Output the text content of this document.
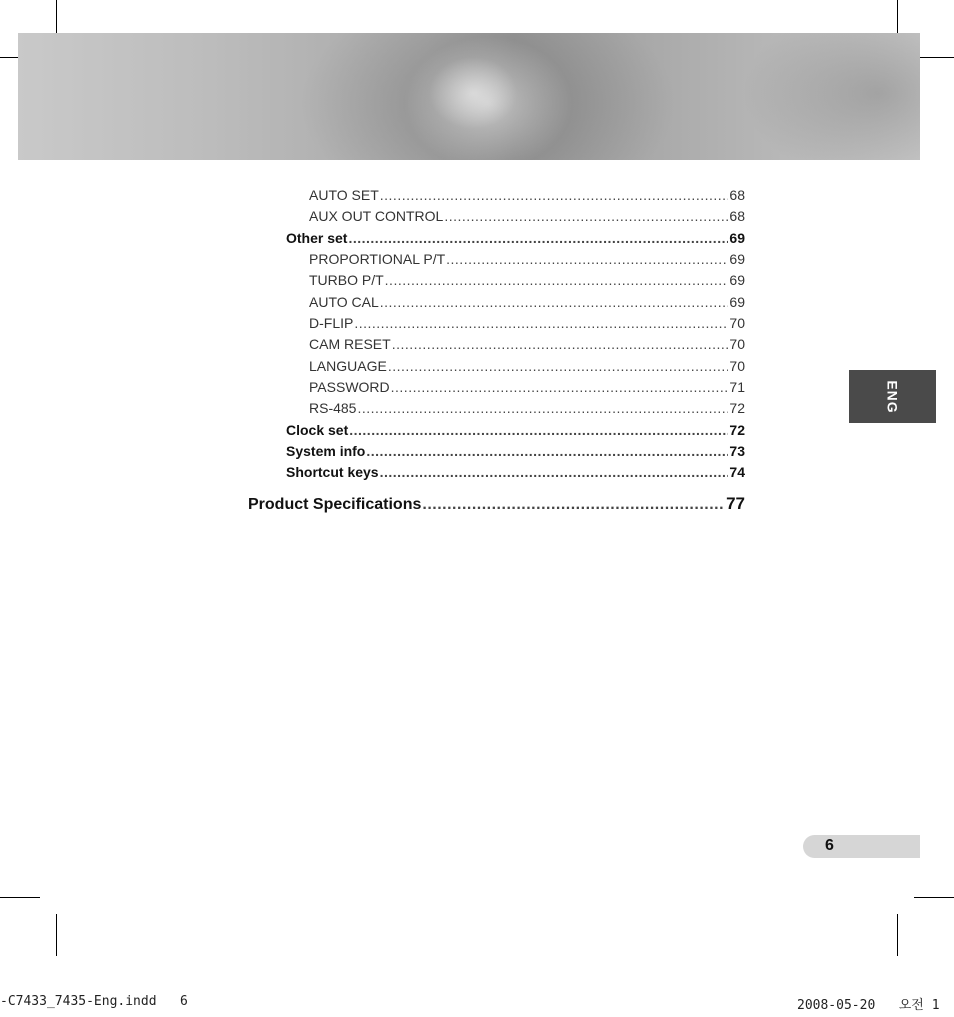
AUTO SET .....	68
AUX OUT CONTROL .....	68
Other set .....	69
PROPORTIONAL P/T .....	69
TURBO P/T .....	69
AUTO CAL .....	69
D-FLIP .....	70
CAM RESET .....	70
LANGUAGE .....	70
PASSWORD .....	71
RS-485 .....	72
Clock set .....	72
System info .....	73
Shortcut keys .....	74
Product Specifications .....	77
ENG
6
-C7433_7435-Eng.indd   6	2008-05-20   오전 1
